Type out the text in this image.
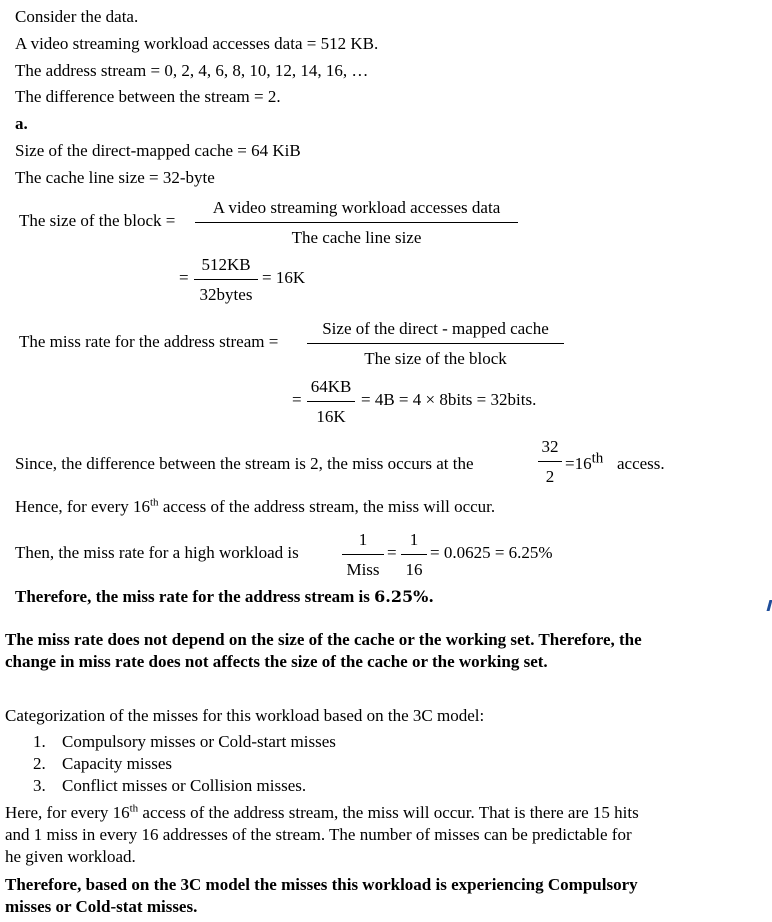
Consider the data.
A video streaming workload accesses data = 512 KB.
The address stream = 0, 2, 4, 6, 8, 10, 12, 14, 16, …
The difference between the stream = 2.
a.
Size of the direct-mapped cache = 64 KiB
The cache line size = 32-byte
The size of the block =
A video streaming workload accesses data
The cache line size
=
512KB
32bytes
= 16K
The miss rate for the address stream =
Size of the direct - mapped cache
The size of the block
=
64KB
16K
= 4B = 4 × 8bits = 32bits.
Since, the difference between the stream is 2, the miss occurs at the
32
2
=16th access.
Hence, for every 16th access of the address stream, the miss will occur.
Then, the miss rate for a high workload is
1
Miss
=
1
16
= 0.0625 = 6.25%
Therefore, the miss rate for the address stream is 6.25%.
The miss rate does not depend on the size of the cache or the working set. Therefore, the
change in miss rate does not affects the size of the cache or the working set.
Categorization of the misses for this workload based on the 3C model:
1. Compulsory misses or Cold-start misses
2. Capacity misses
3. Conflict misses or Collision misses.
Here, for every 16th access of the address stream, the miss will occur. That is there are 15 hits
and 1 miss in every 16 addresses of the stream. The number of misses can be predictable for
he given workload.
Therefore, based on the 3C model the misses this workload is experiencing Compulsory
misses or Cold-stat misses.
